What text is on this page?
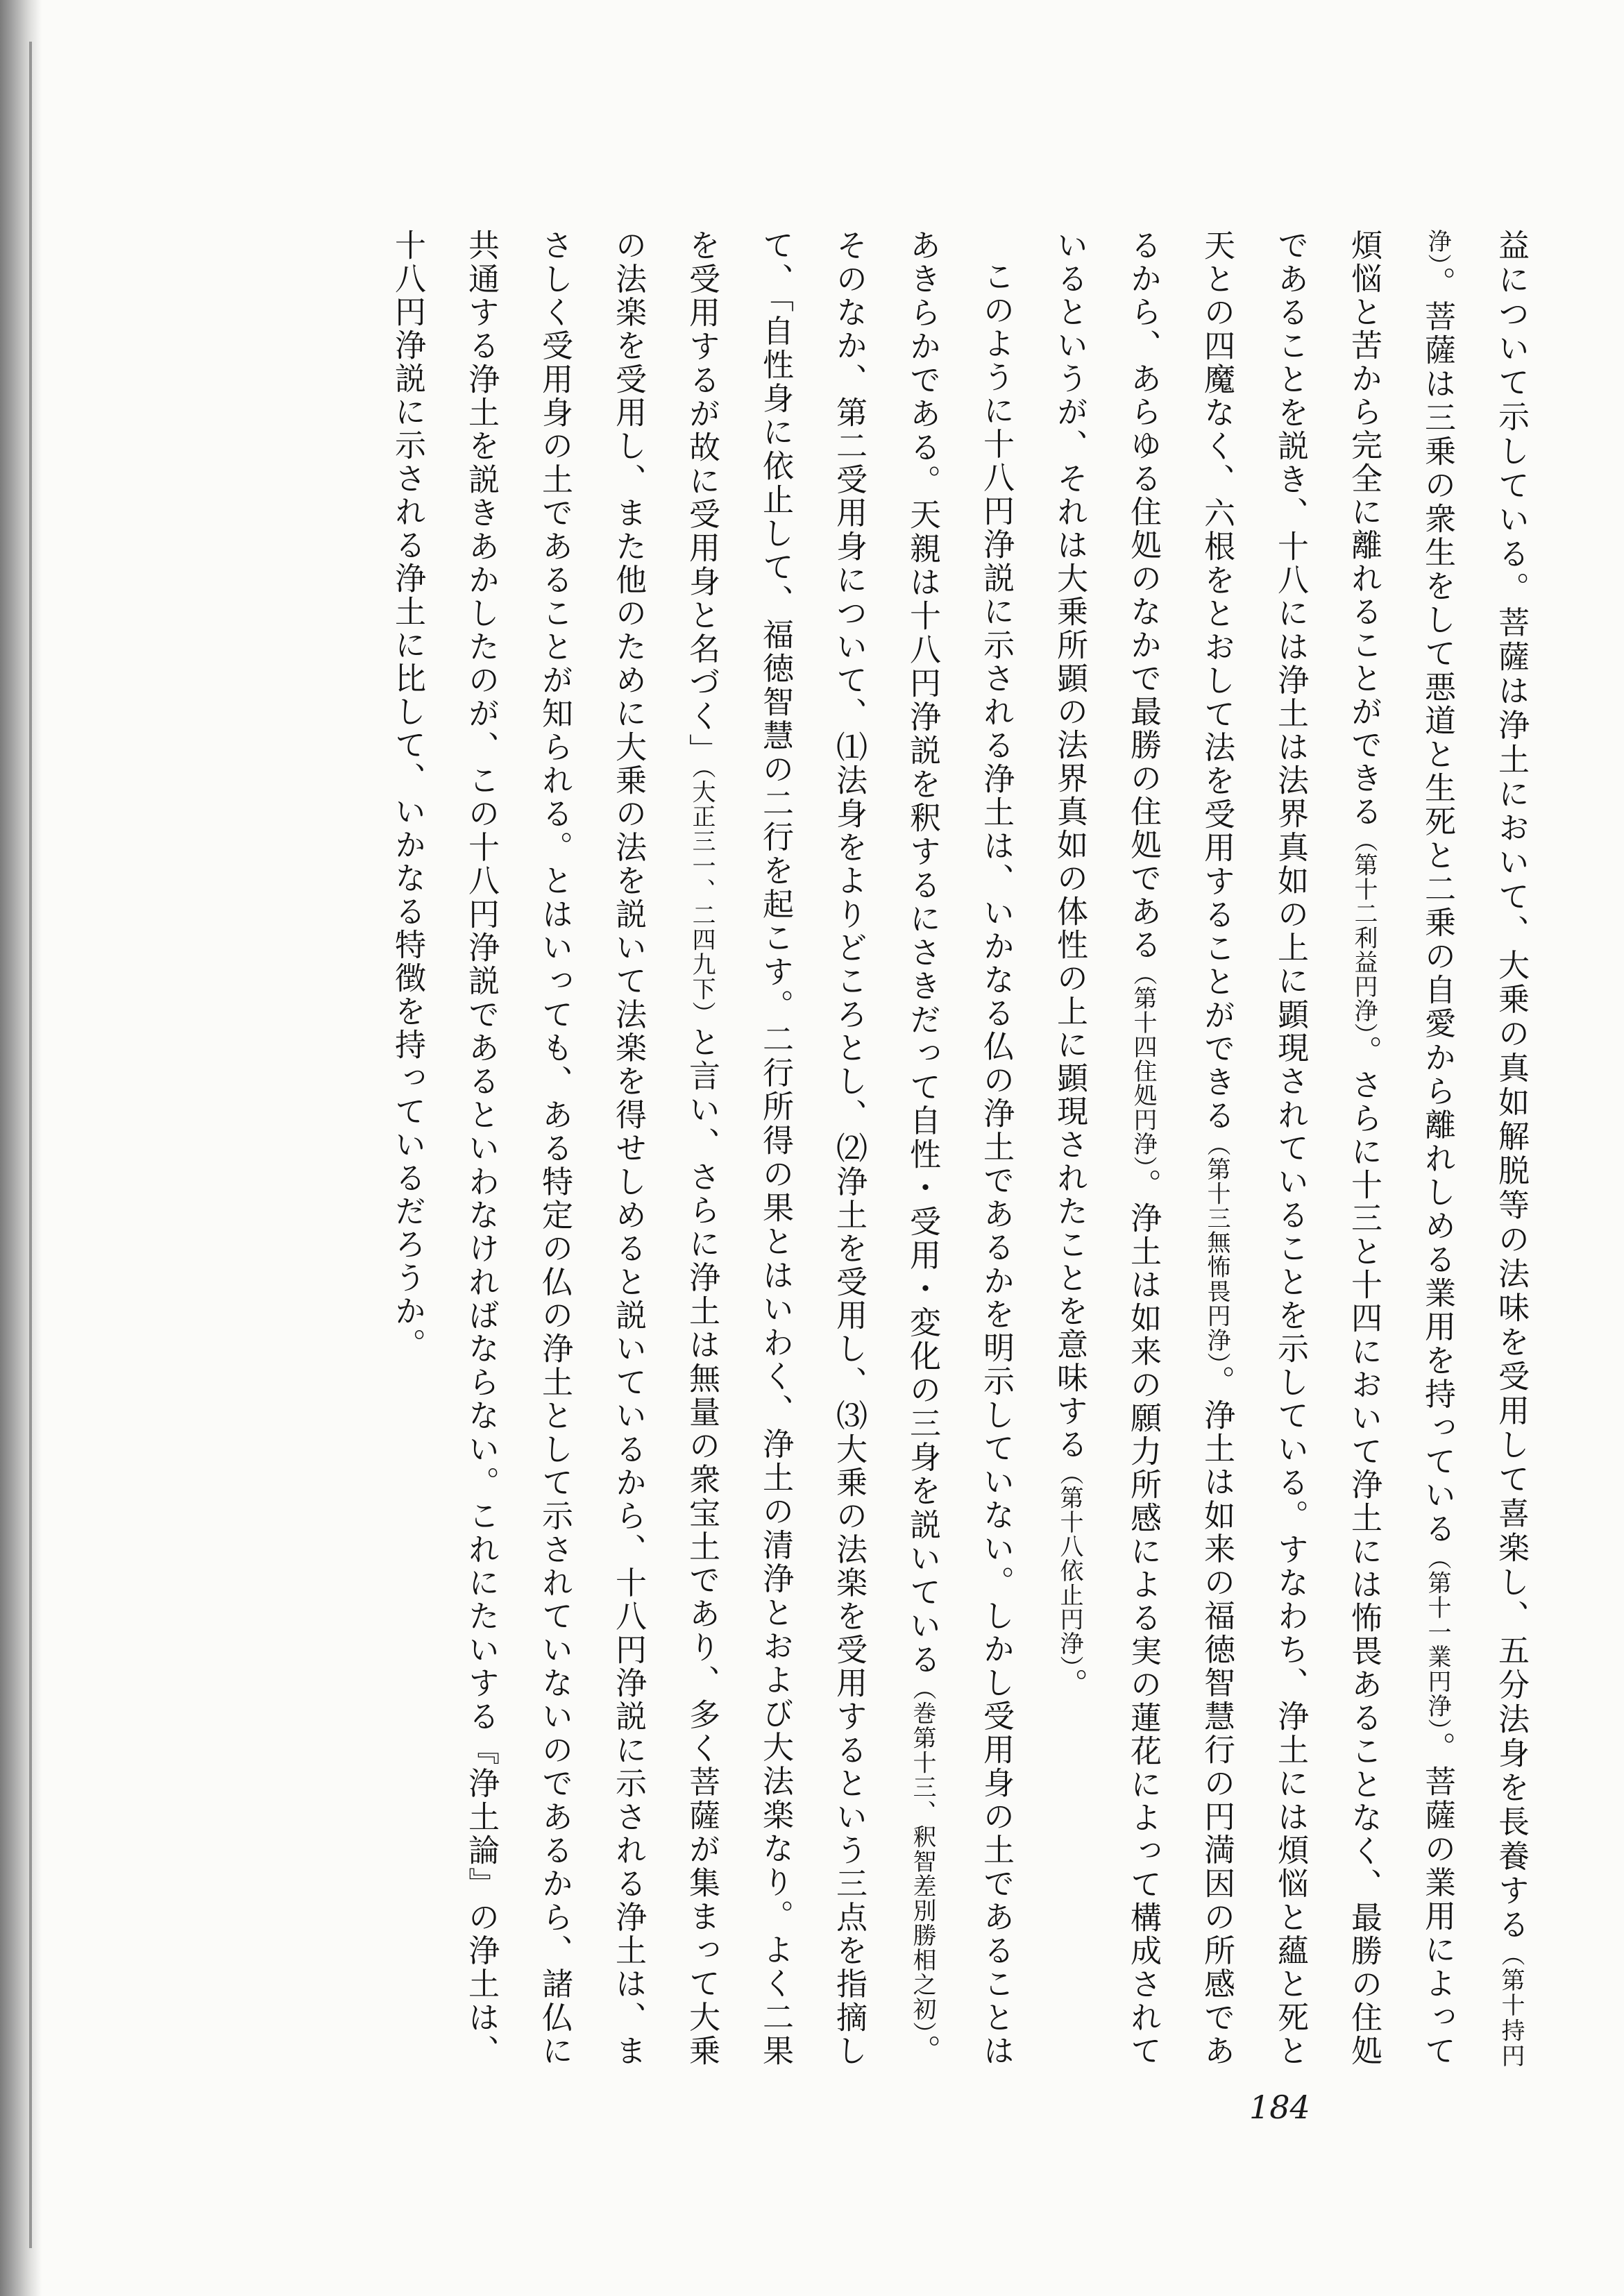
益について示している。菩薩は浄土において、大乗の真如解脱等の法味を受用して喜楽し、五分法身を長養する（第十持円浄）。菩薩は三乗の衆生をして悪道と生死と二乗の自愛から離れしめる業用を持っている（第十一業円浄）。菩薩の業用によって煩悩と苦から完全に離れることができる（第十二利益円浄）。さらに十三と十四において浄土には怖畏あることなく、最勝の住処であることを説き、十八には浄土は法界真如の上に顕現されていることを示している。すなわち、浄土には煩悩と蘊と死と天との四魔なく、六根をとおして法を受用することができる（第十三無怖畏円浄）。浄土は如来の福徳智慧行の円満因の所感であるから、あらゆる住処のなかで最勝の住処である（第十四住処円浄）。浄土は如来の願力所感による実の蓮花によって構成されているというが、それは大乗所顕の法界真如の体性の上に顕現されたことを意味する（第十八依止円浄）。

このように十八円浄説に示される浄土は、いかなる仏の浄土であるかを明示していない。しかし受用身の土であることはあきらかである。天親は十八円浄説を釈するにさきだって自性・受用・変化の三身を説いている（巻第十三、釈智差別勝相之初）。そのなか、第二受用身について、⑴法身をよりどころとし、⑵浄土を受用し、⑶大乗の法楽を受用するという三点を指摘して、「自性身に依止して、福徳智慧の二行を起こす。二行所得の果とはいわく、浄土の清浄とおよび大法楽なり。よく二果を受用するが故に受用身と名づく」（大正三一、二四九下）と言い、さらに浄土は無量の衆宝土であり、多く菩薩が集まって大乗の法楽を受用し、また他のために大乗の法を説いて法楽を得せしめると説いているから、十八円浄説に示される浄土は、まさしく受用身の土であることが知られる。とはいっても、ある特定の仏の浄土として示されていないのであるから、諸仏に共通する浄土を説きあかしたのが、この十八円浄説であるといわなければならない。これにたいする『浄土論』の浄土は、十八円浄説に示される浄土に比して、いかなる特徴を持っているだろうか。

184
